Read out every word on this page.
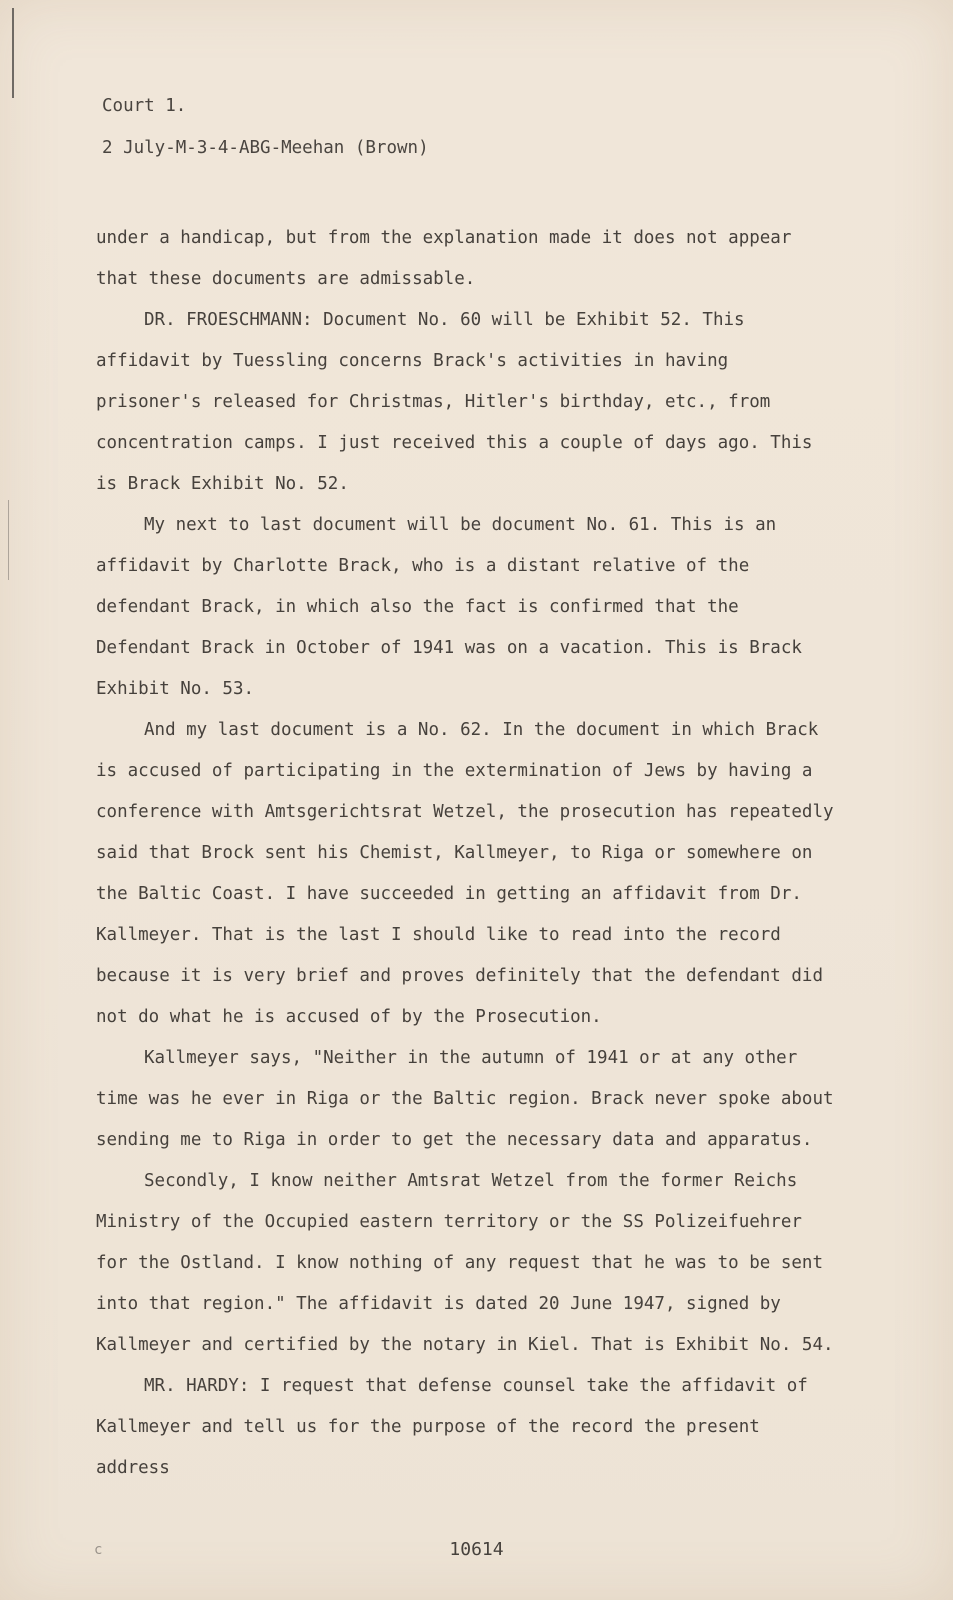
Court 1.
2 July-M-3-4-ABG-Meehan (Brown)

under a handicap, but from the explanation made it does not appear that these documents are admissable.

DR. FROESCHMANN: Document No. 60 will be Exhibit 52. This affidavit by Tuessling concerns Brack's activities in having prisoner's released for Christmas, Hitler's birthday, etc., from concentration camps. I just received this a couple of days ago. This is Brack Exhibit No. 52.

My next to last document will be document No. 61. This is an affidavit by Charlotte Brack, who is a distant relative of the defendant Brack, in which also the fact is confirmed that the Defendant Brack in October of 1941 was on a vacation. This is Brack Exhibit No. 53.

And my last document is a No. 62. In the document in which Brack is accused of participating in the extermination of Jews by having a conference with Amtsgerichtsrat Wetzel, the prosecution has repeatedly said that Brock sent his Chemist, Kallmeyer, to Riga or somewhere on the Baltic Coast. I have succeeded in getting an affidavit from Dr. Kallmeyer. That is the last I should like to read into the record because it is very brief and proves definitely that the defendant did not do what he is accused of by the Prosecution.

Kallmeyer says, "Neither in the autumn of 1941 or at any other time was he ever in Riga or the Baltic region. Brack never spoke about sending me to Riga in order to get the necessary data and apparatus.

Secondly, I know neither Amtsrat Wetzel from the former Reichs Ministry of the Occupied eastern territory or the SS Polizeifuehrer for the Ostland. I know nothing of any request that he was to be sent into that region." The affidavit is dated 20 June 1947, signed by Kallmeyer and certified by the notary in Kiel. That is Exhibit No. 54.

MR. HARDY: I request that defense counsel take the affidavit of Kallmeyer and tell us for the purpose of the record the present address

c	10614
